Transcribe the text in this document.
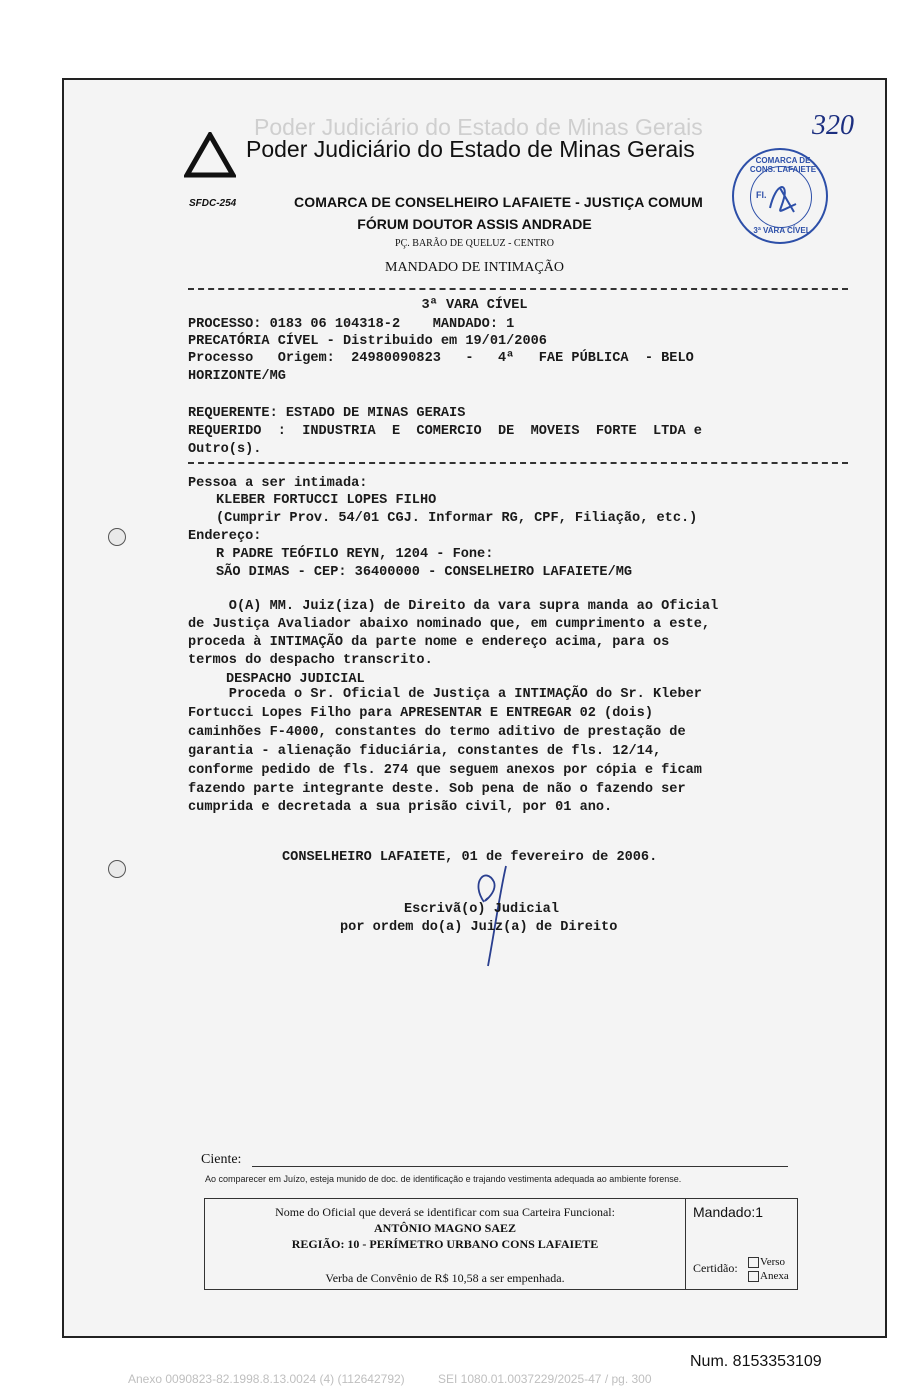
Poder Judiciário do Estado de Minas Gerais
Poder Judiciário do Estado de Minas Gerais
320
COMARCA DE CONS. LAFAIETE
Fl.
3ª VARA CÍVEL
SFDC-254	COMARCA DE CONSELHEIRO LAFAIETE - JUSTIÇA COMUM
FÓRUM DOUTOR ASSIS ANDRADE
PÇ. BARÃO DE QUELUZ - CENTRO
MANDADO DE INTIMAÇÃO
3ª VARA CÍVEL
PROCESSO: 0183 06 104318-2    MANDADO: 1
PRECATÓRIA CÍVEL - Distribuido em 19/01/2006
Processo   Origem:  24980090823   -   4ª   FAE PÚBLICA  - BELO
HORIZONTE/MG
REQUERENTE: ESTADO DE MINAS GERAIS
REQUERIDO  :  INDUSTRIA  E  COMERCIO  DE  MOVEIS  FORTE  LTDA e
Outro(s).
Pessoa a ser intimada:
KLEBER FORTUCCI LOPES FILHO
(Cumprir Prov. 54/01 CGJ. Informar RG, CPF, Filiação, etc.)
Endereço:
R PADRE TEÓFILO REYN, 1204 - Fone:
SÃO DIMAS - CEP: 36400000 - CONSELHEIRO LAFAIETE/MG
O(A) MM. Juiz(iza) de Direito da vara supra manda ao Oficial
de Justiça Avaliador abaixo nominado que, em cumprimento a este,
proceda à INTIMAÇÃO da parte nome e endereço acima, para os
termos do despacho transcrito.
DESPACHO JUDICIAL
Proceda o Sr. Oficial de Justiça a INTIMAÇÃO do Sr. Kleber
Fortucci Lopes Filho para APRESENTAR E ENTREGAR 02 (dois)
caminhões F-4000, constantes do termo aditivo de prestação de
garantia - alienação fiduciária, constantes de fls. 12/14,
conforme pedido de fls. 274 que seguem anexos por cópia e ficam
fazendo parte integrante deste. Sob pena de não o fazendo ser
cumprida e decretada a sua prisão civil, por 01 ano.
CONSELHEIRO LAFAIETE, 01 de fevereiro de 2006.
Escrivã(o) Judicial
por ordem do(a) Juiz(a) de Direito
Ciente:
Ao comparecer em Juízo, esteja munido de doc. de identificação e trajando vestimenta adequada ao ambiente forense.
Nome do Oficial que deverá se identificar com sua Carteira Funcional:
ANTÔNIO MAGNO SAEZ
REGIÃO: 10 - PERÍMETRO URBANO CONS LAFAIETE
Verba de Convênio de R$ 10,58 a ser empenhada.
Mandado:1
Certidão:	Verso
Anexa
Num. 8153353109
Anexo 0090823-82.1998.8.13.0024 (4) (112642792)          SEI 1080.01.0037229/2025-47 / pg. 300
